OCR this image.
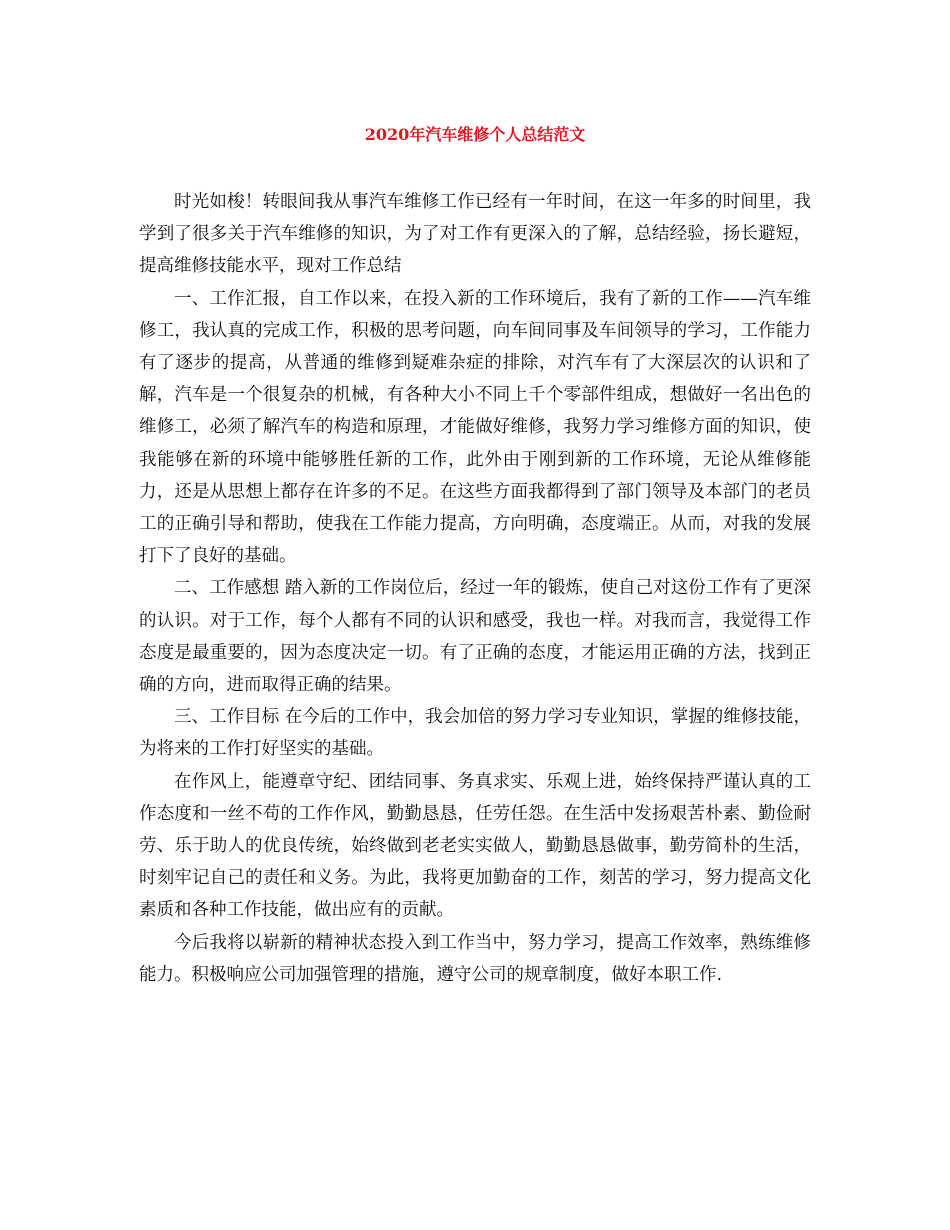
2020年汽车维修个人总结范文

时光如梭！转眼间我从事汽车维修工作已经有一年时间，在这一年多的时间里，我学到了很多关于汽车维修的知识，为了对工作有更深入的了解，总结经验，扬长避短，提高维修技能水平，现对工作总结

一、工作汇报，自工作以来，在投入新的工作环境后，我有了新的工作——汽车维修工，我认真的完成工作，积极的思考问题，向车间同事及车间领导的学习，工作能力有了逐步的提高，从普通的维修到疑难杂症的排除，对汽车有了大深层次的认识和了解，汽车是一个很复杂的机械，有各种大小不同上千个零部件组成，想做好一名出色的维修工，必须了解汽车的构造和原理，才能做好维修，我努力学习维修方面的知识，使我能够在新的环境中能够胜任新的工作，此外由于刚到新的工作环境，无论从维修能力，还是从思想上都存在许多的不足。在这些方面我都得到了部门领导及本部门的老员工的正确引导和帮助，使我在工作能力提高，方向明确，态度端正。从而，对我的发展打下了良好的基础。

二、工作感想 踏入新的工作岗位后，经过一年的锻炼，使自己对这份工作有了更深的认识。对于工作，每个人都有不同的认识和感受，我也一样。对我而言，我觉得工作态度是最重要的，因为态度决定一切。有了正确的态度，才能运用正确的方法，找到正确的方向，进而取得正确的结果。

三、工作目标 在今后的工作中，我会加倍的努力学习专业知识，掌握的维修技能，为将来的工作打好坚实的基础。

在作风上，能遵章守纪、团结同事、务真求实、乐观上进，始终保持严谨认真的工作态度和一丝不苟的工作作风，勤勤恳恳，任劳任怨。在生活中发扬艰苦朴素、勤俭耐劳、乐于助人的优良传统，始终做到老老实实做人，勤勤恳恳做事，勤劳简朴的生活，时刻牢记自己的责任和义务。为此，我将更加勤奋的工作，刻苦的学习，努力提高文化素质和各种工作技能，做出应有的贡献。

今后我将以崭新的精神状态投入到工作当中，努力学习，提高工作效率，熟练维修能力。积极响应公司加强管理的措施，遵守公司的规章制度，做好本职工作.
